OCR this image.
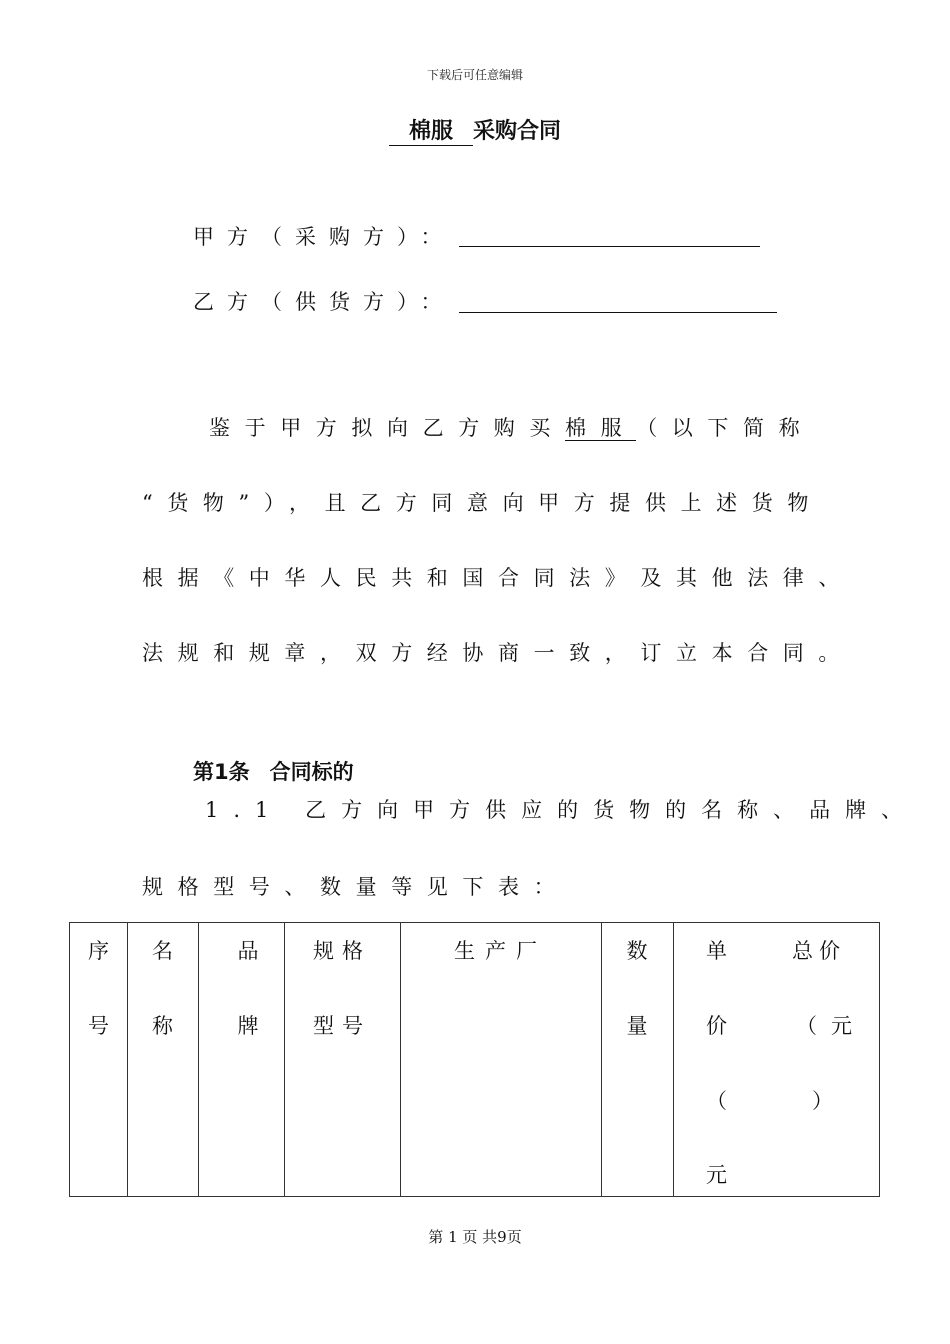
下载后可任意编辑
棉服 采购合同
甲方（采购方）：
乙方（供货方）：
鉴于甲方拟向乙方购买棉服（以下简称
“货物”），且乙方同意向甲方提供上述货物
根据《中华人民共和国合同法》及其他法律、
法规和规章，双方经协商一致，订立本合同。
第1条 合同标的
1.1 乙方向甲方供应的货物的名称、品牌、
规格型号、数量等见下表：
序
号
名
称
品
牌
规格
型号
生产厂	数
量
单
价
（
元
总价
（元
）
第 1 页 共9页
